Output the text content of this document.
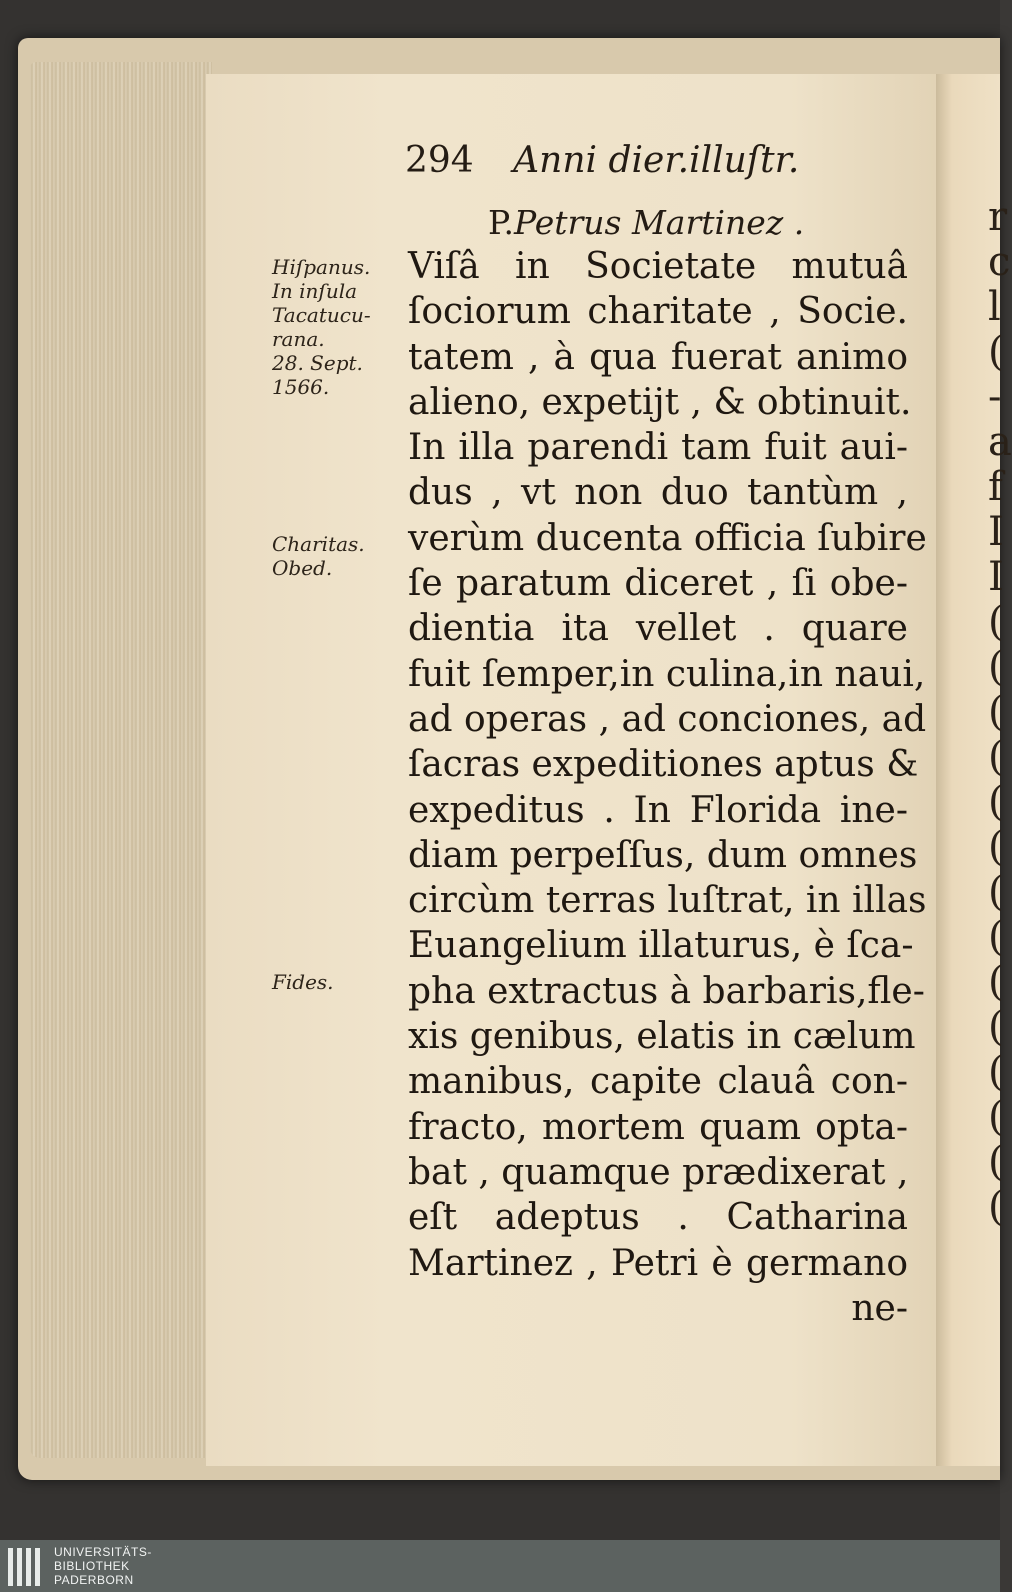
r
c
l
(
-
a
f
I
I
(
(
(
(
(
(
(
(
(
(
(
(
(
(
294 Anni dier.illuſtr.
P.Petrus Martinez .
Viſâ in Societate mutuâ
ſociorum charitate , Socie.
tatem , à qua fuerat animo
alieno, expetijt , & obtinuit.
In illa parendi tam fuit aui-
dus , vt non duo tantùm ,
verùm ducenta officia ſubire
ſe paratum diceret , ſi obe-
dientia ita vellet . quare
fuit ſemper,in culina,in naui,
ad operas , ad conciones, ad
ſacras expeditiones aptus &
expeditus . In Florida ine-
diam perpeſſus, dum omnes
circùm terras luſtrat, in illas
Euangelium illaturus, è ſca-
pha extractus à barbaris,fle-
xis genibus, elatis in cælum
manibus, capite clauâ con-
fracto, mortem quam opta-
bat , quamque prædixerat ,
eſt adeptus . Catharina
Martinez , Petri è germano
ne-
Hiſpanus.
In inſula
Tacatucu-
rana.
28. Sept.
1566.
Charitas.
Obed.
Fides.
UNIVERSITÄTS-
BIBLIOTHEK
PADERBORN
